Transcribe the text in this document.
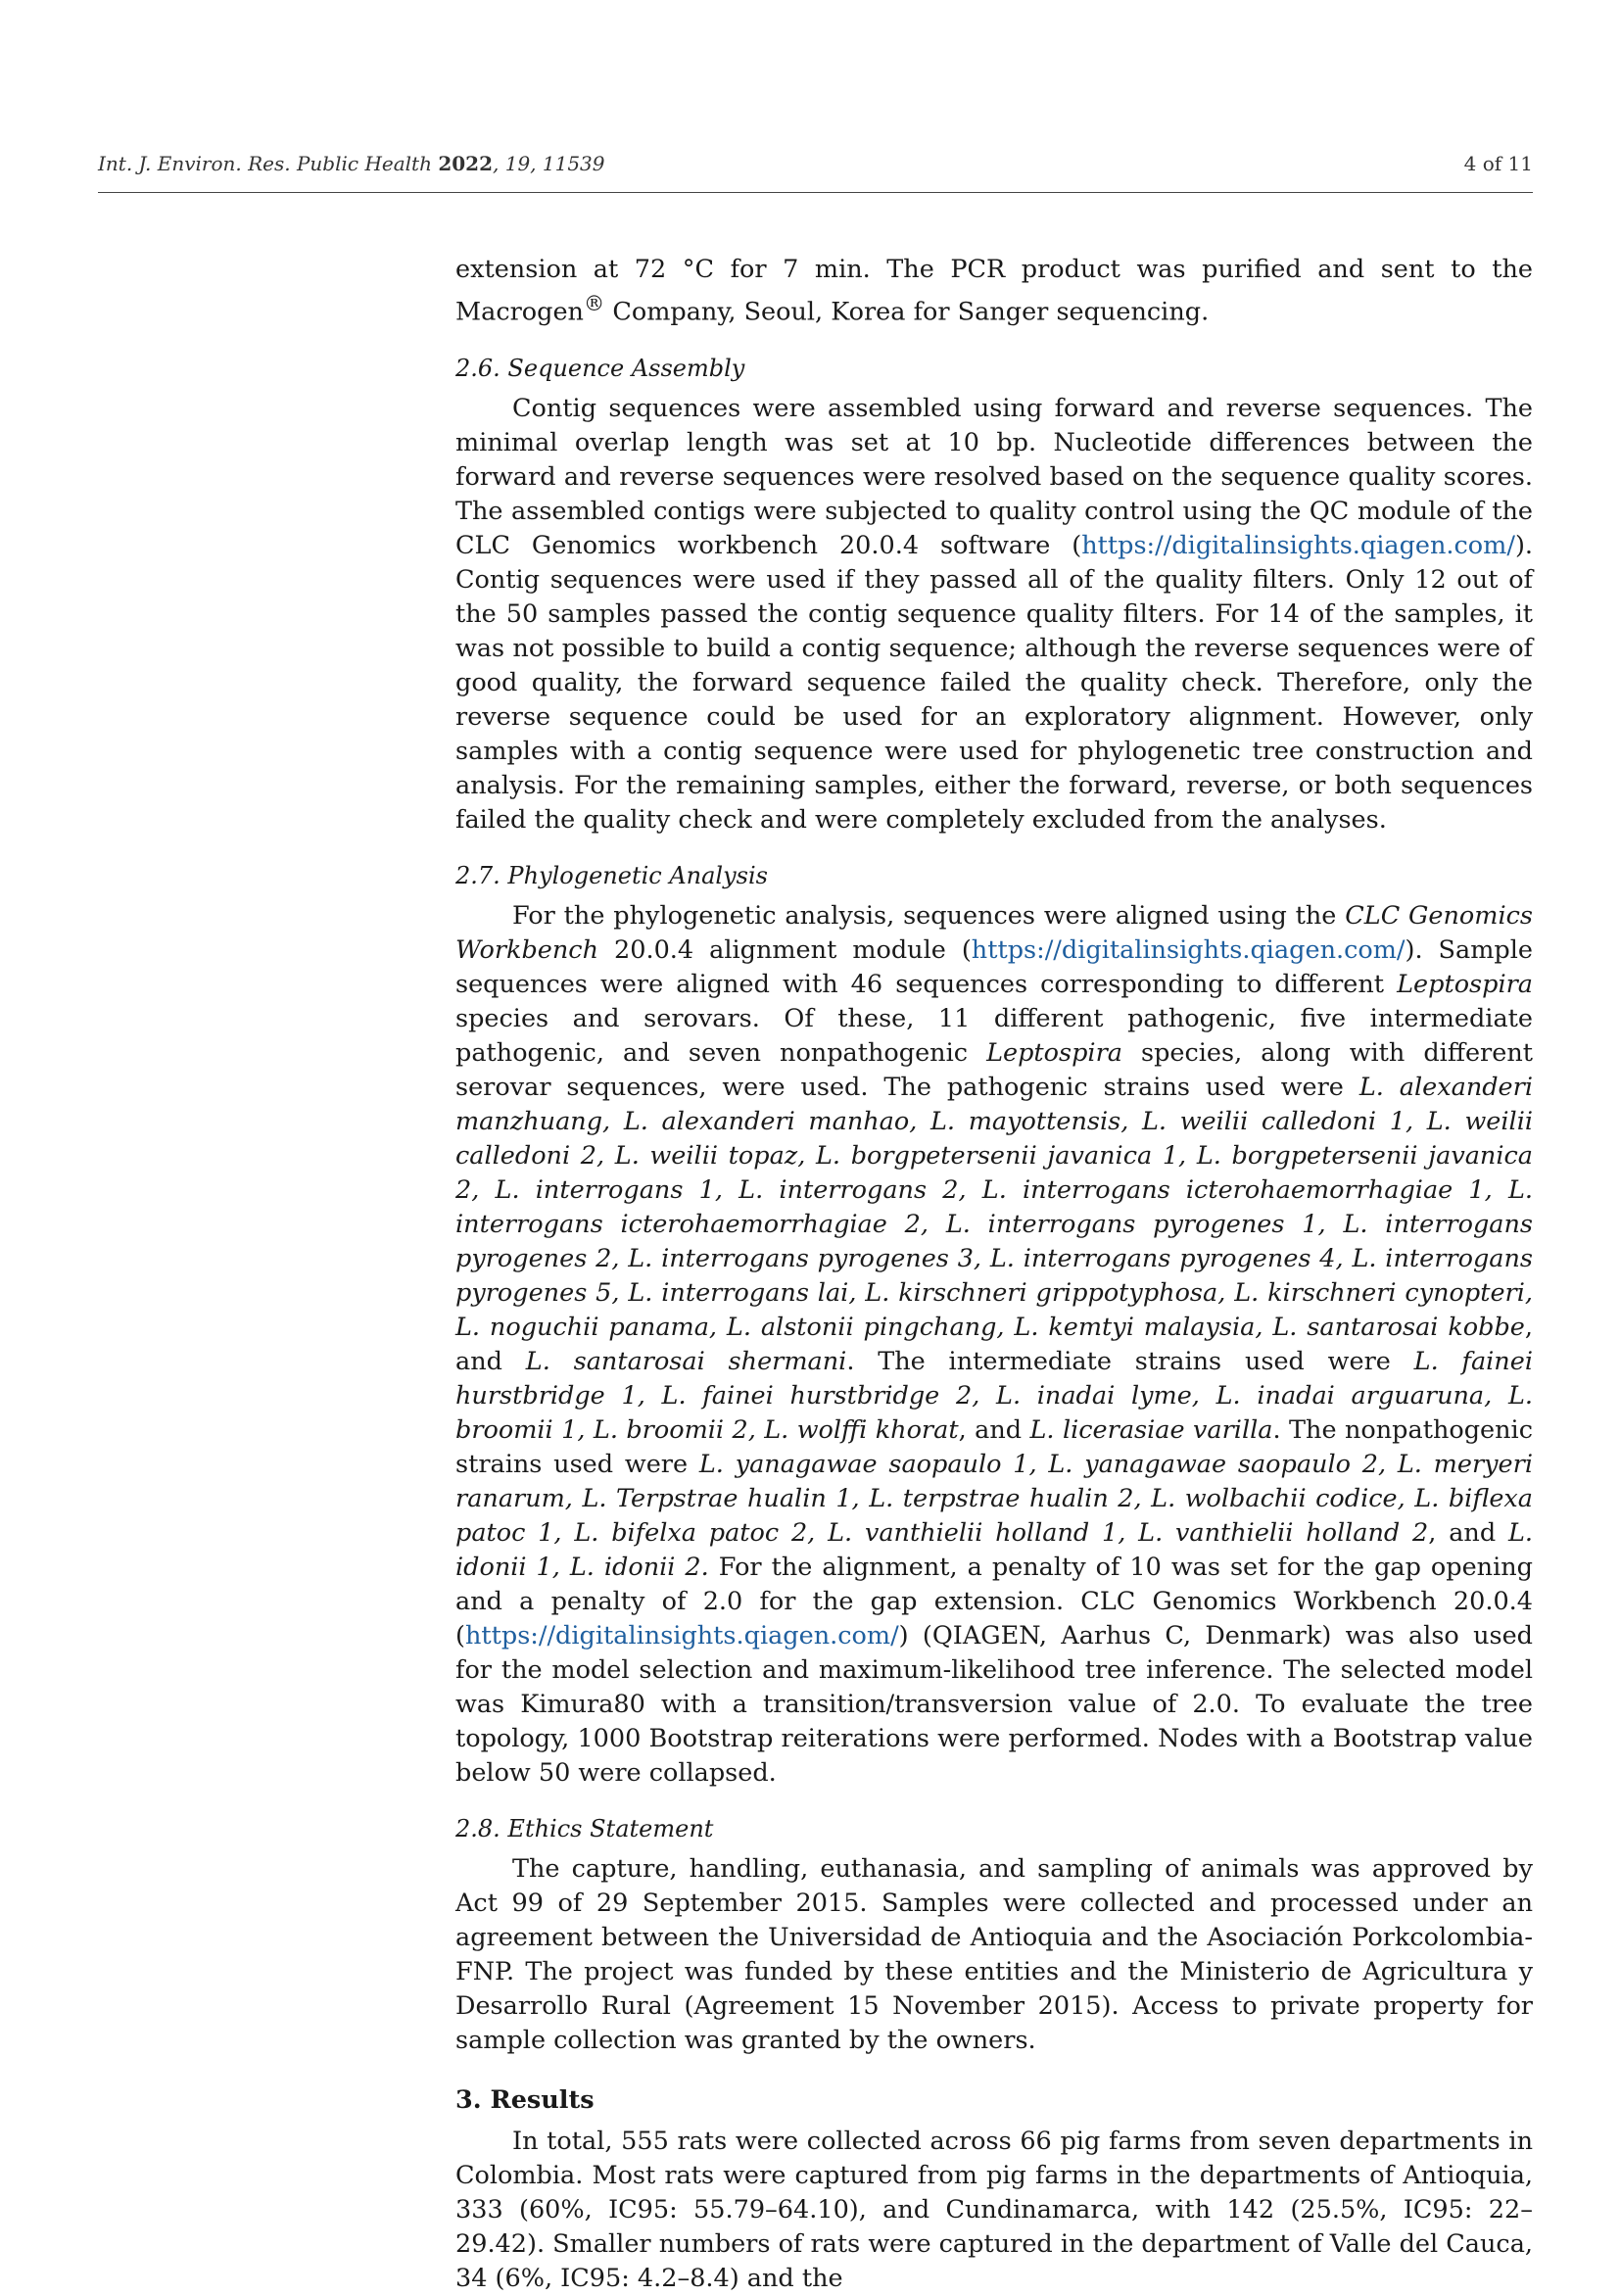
Int. J. Environ. Res. Public Health 2022, 19, 11539	4 of 11

extension at 72 °C for 7 min. The PCR product was purified and sent to the Macrogen® Company, Seoul, Korea for Sanger sequencing.

2.6. Sequence Assembly

Contig sequences were assembled using forward and reverse sequences. The minimal overlap length was set at 10 bp. Nucleotide differences between the forward and reverse sequences were resolved based on the sequence quality scores. The assembled contigs were subjected to quality control using the QC module of the CLC Genomics workbench 20.0.4 software (https://digitalinsights.qiagen.com/). Contig sequences were used if they passed all of the quality filters. Only 12 out of the 50 samples passed the contig sequence quality filters. For 14 of the samples, it was not possible to build a contig sequence; although the reverse sequences were of good quality, the forward sequence failed the quality check. Therefore, only the reverse sequence could be used for an exploratory alignment. However, only samples with a contig sequence were used for phylogenetic tree construction and analysis. For the remaining samples, either the forward, reverse, or both sequences failed the quality check and were completely excluded from the analyses.

2.7. Phylogenetic Analysis

For the phylogenetic analysis, sequences were aligned using the CLC Genomics Workbench 20.0.4 alignment module (https://digitalinsights.qiagen.com/). Sample sequences were aligned with 46 sequences corresponding to different Leptospira species and serovars. Of these, 11 different pathogenic, five intermediate pathogenic, and seven nonpathogenic Leptospira species, along with different serovar sequences, were used. The pathogenic strains used were L. alexanderi manzhuang, L. alexanderi manhao, L. mayottensis, L. weilii calledoni 1, L. weilii calledoni 2, L. weilii topaz, L. borgpetersenii javanica 1, L. borgpetersenii javanica 2, L. interrogans 1, L. interrogans 2, L. interrogans icterohaemorrhagiae 1, L. interrogans icterohaemorrhagiae 2, L. interrogans pyrogenes 1, L. interrogans pyrogenes 2, L. interrogans pyrogenes 3, L. interrogans pyrogenes 4, L. interrogans pyrogenes 5, L. interrogans lai, L. kirschneri grippotyphosa, L. kirschneri cynopteri, L. noguchii panama, L. alstonii pingchang, L. kemtyi malaysia, L. santarosai kobbe, and L. santarosai shermani. The intermediate strains used were L. fainei hurstbridge 1, L. fainei hurstbridge 2, L. inadai lyme, L. inadai arguaruna, L. broomii 1, L. broomii 2, L. wolffi khorat, and L. licerasiae varilla. The nonpathogenic strains used were L. yanagawae saopaulo 1, L. yanagawae saopaulo 2, L. meryeri ranarum, L. Terpstrae hualin 1, L. terpstrae hualin 2, L. wolbachii codice, L. biflexa patoc 1, L. bifelxa patoc 2, L. vanthielii holland 1, L. vanthielii holland 2, and L. idonii 1, L. idonii 2. For the alignment, a penalty of 10 was set for the gap opening and a penalty of 2.0 for the gap extension. CLC Genomics Workbench 20.0.4 (https://digitalinsights.qiagen.com/) (QIAGEN, Aarhus C, Denmark) was also used for the model selection and maximum-likelihood tree inference. The selected model was Kimura80 with a transition/transversion value of 2.0. To evaluate the tree topology, 1000 Bootstrap reiterations were performed. Nodes with a Bootstrap value below 50 were collapsed.

2.8. Ethics Statement

The capture, handling, euthanasia, and sampling of animals was approved by Act 99 of 29 September 2015. Samples were collected and processed under an agreement between the Universidad de Antioquia and the Asociación Porkcolombia-FNP. The project was funded by these entities and the Ministerio de Agricultura y Desarrollo Rural (Agreement 15 November 2015). Access to private property for sample collection was granted by the owners.

3. Results

In total, 555 rats were collected across 66 pig farms from seven departments in Colombia. Most rats were captured from pig farms in the departments of Antioquia, 333 (60%, IC95: 55.79–64.10), and Cundinamarca, with 142 (25.5%, IC95: 22–29.42). Smaller numbers of rats were captured in the department of Valle del Cauca, 34 (6%, IC95: 4.2–8.4) and the
